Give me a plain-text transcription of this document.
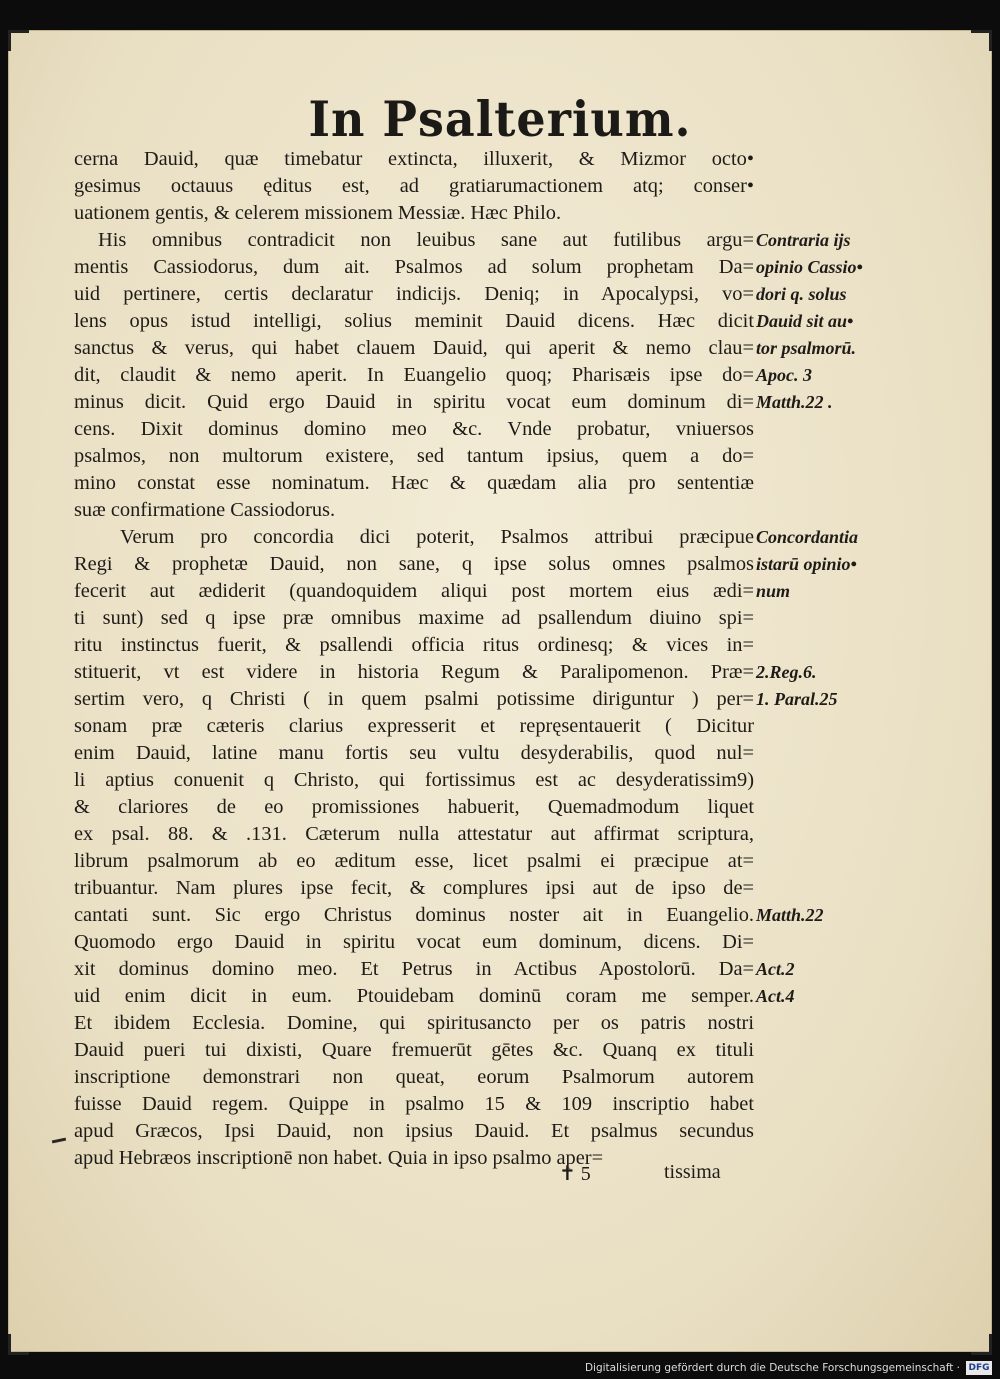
In Psalterium.
cerna Dauid, quæ timebatur extincta, illuxerit, & Mizmor octo•
gesimus octauus ęditus est, ad gratiarumactionem atq; conser•
uationem gentis, & celerem missionem Messiæ. Hæc Philo.
His omnibus contradicit non leuibus sane aut futilibus argu=
mentis Cassiodorus, dum ait. Psalmos ad solum prophetam Da=
uid pertinere, certis declaratur indicijs. Deniq; in Apocalypsi, vo=
lens opus istud intelligi, solius meminit Dauid dicens. Hæc dicit
sanctus & verus, qui habet clauem Dauid, qui aperit & nemo clau=
dit, claudit & nemo aperit. In Euangelio quoq; Pharisæis ipse do=
minus dicit. Quid ergo Dauid in spiritu vocat eum dominum di=
cens. Dixit dominus domino meo &c. Vnde probatur, vniuersos
psalmos, non multorum existere, sed tantum ipsius, quem a do=
mino constat esse nominatum. Hæc & quædam alia pro sententiæ
suæ confirmatione Cassiodorus.
Verum pro concordia dici poterit, Psalmos attribui præcipue
Regi & prophetæ Dauid, non sane, q ipse solus omnes psalmos
fecerit aut ædiderit (quandoquidem aliqui post mortem eius ædi=
ti sunt) sed q ipse præ omnibus maxime ad psallendum diuino spi=
ritu instinctus fuerit, & psallendi officia ritus ordinesq; & vices in=
stituerit, vt est videre in historia Regum & Paralipomenon. Præ=
sertim vero, q Christi ( in quem psalmi potissime diriguntur ) per=
sonam præ cæteris clarius expresserit et repręsentauerit ( Dicitur
enim Dauid, latine manu fortis seu vultu desyderabilis, quod nul=
li aptius conuenit q Christo, qui fortissimus est ac desyderatissim9)
& clariores de eo promissiones habuerit, Quemadmodum liquet
ex psal. 88. & .131. Cæterum nulla attestatur aut affirmat scriptura,
librum psalmorum ab eo æditum esse, licet psalmi ei præcipue at=
tribuantur. Nam plures ipse fecit, & complures ipsi aut de ipso de=
cantati sunt. Sic ergo Christus dominus noster ait in Euangelio.
Quomodo ergo Dauid in spiritu vocat eum dominum, dicens. Di=
xit dominus domino meo. Et Petrus in Actibus Apostolorū. Da=
uid enim dicit in eum. Ptouidebam dominū coram me semper.
Et ibidem Ecclesia. Domine, qui spiritusancto per os patris nostri
Dauid pueri tui dixisti, Quare fremuerūt gētes &c. Quanq ex tituli
inscriptione demonstrari non queat, eorum Psalmorum autorem
fuisse Dauid regem. Quippe in psalmo 15 & 109 inscriptio habet
apud Græcos, Ipsi Dauid, non ipsius Dauid. Et psalmus secundus
apud Hebræos inscriptionē non habet. Quia in ipso psalmo aper=
Contraria ijs
opinio Cassio•
dori q. solus
Dauid sit au•
tor psalmorū.
Apoc. 3
Matth.22 .
Concordantia
istarū opinio•
num
2.Reg.6.
1. Paral.25
Matth.22
Act.2
Act.4
✝ 5	tissima
Digitalisierung gefördert durch die Deutsche Forschungsgemeinschaft · DFG
